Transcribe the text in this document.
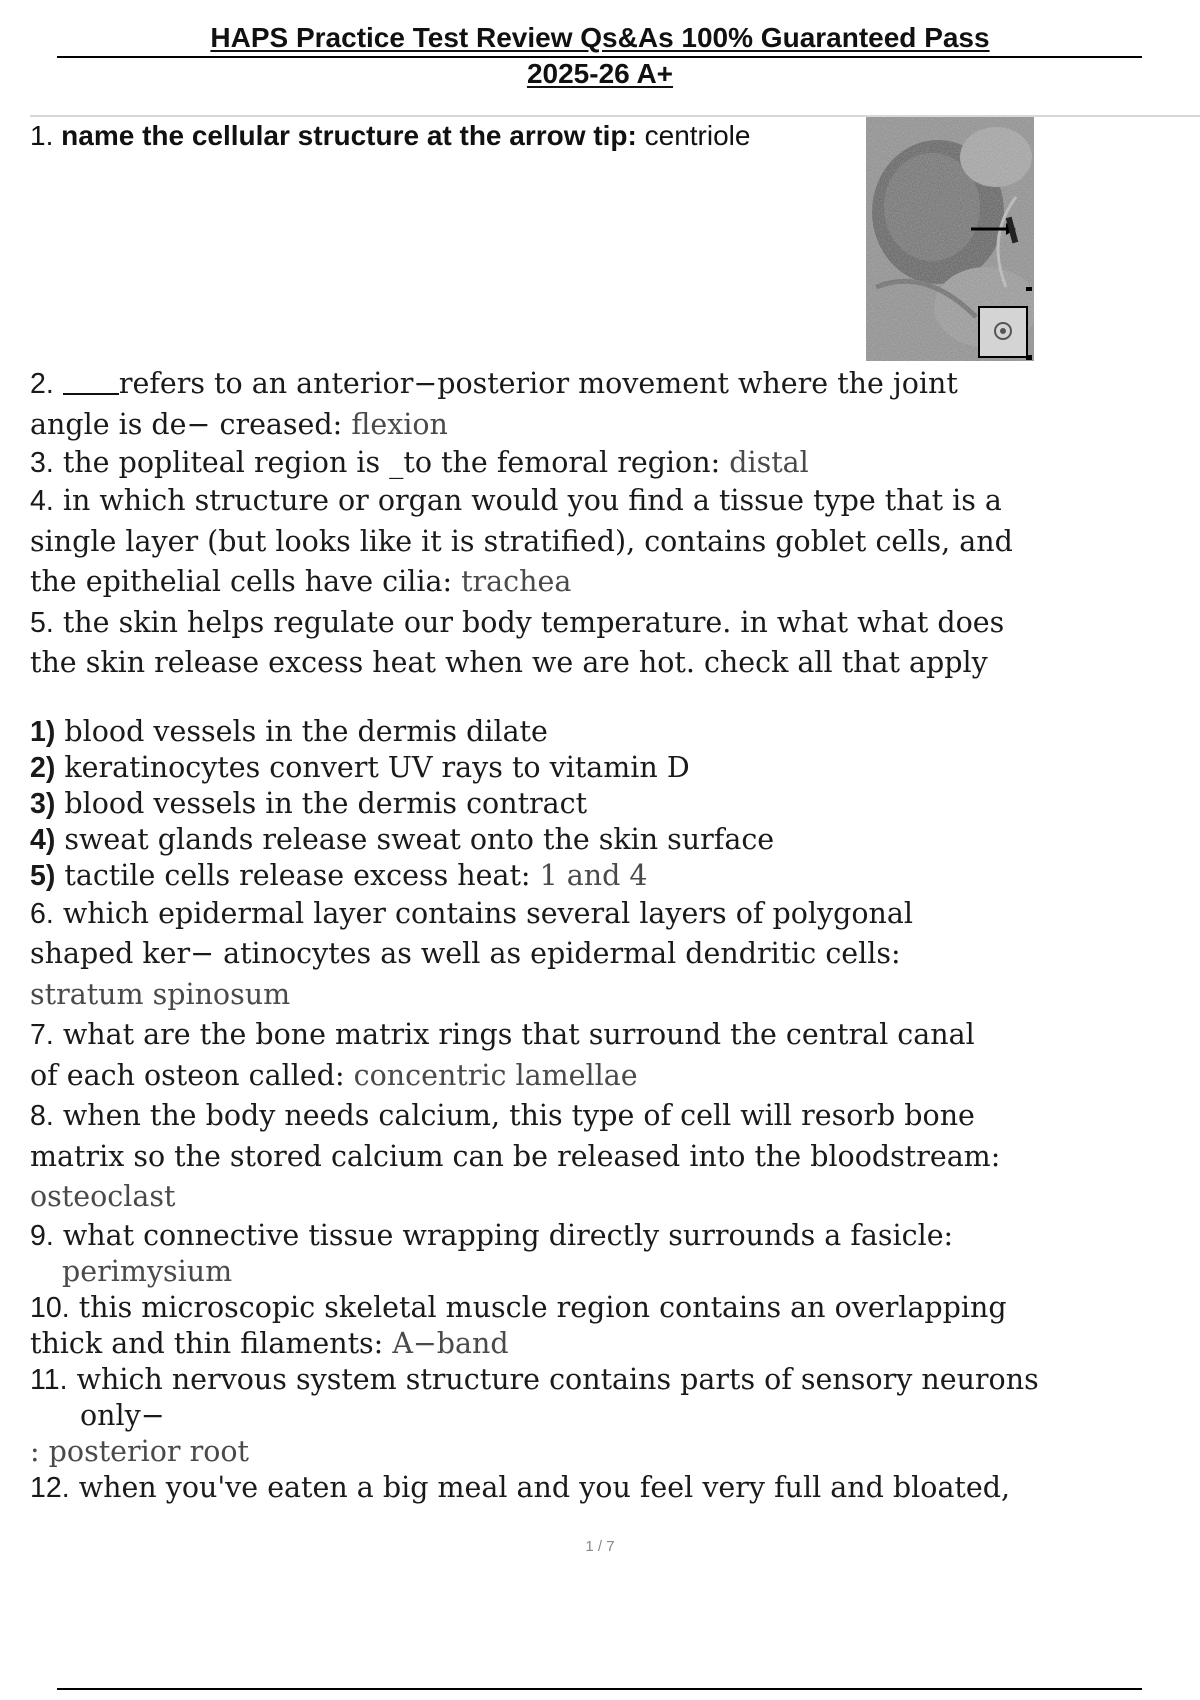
HAPS Practice Test Review Qs&As 100% Guaranteed Pass
2025-26 A+
1. name the cellular structure at the arrow tip: centriole

2. refers to an anterior−posterior movement where the joint
angle is de− creased: flexion

3. the popliteal region is _to the femoral region: distal

4. in which structure or organ would you find a tissue type that is a
single layer (but looks like it is stratified), contains goblet cells, and
the epithelial cells have cilia: trachea

5. the skin helps regulate our body temperature. in what what does
the skin release excess heat when we are hot. check all that apply

1) blood vessels in the dermis dilate
2) keratinocytes convert UV rays to vitamin D
3) blood vessels in the dermis contract
4) sweat glands release sweat onto the skin surface
5) tactile cells release excess heat: 1 and 4

6. which epidermal layer contains several layers of polygonal
shaped ker− atinocytes as well as epidermal dendritic cells:
stratum spinosum

7. what are the bone matrix rings that surround the central canal
of each osteon called: concentric lamellae

8. when the body needs calcium, this type of cell will resorb bone
matrix so the stored calcium can be released into the bloodstream:
osteoclast

9. what connective tissue wrapping directly surrounds a fasicle:
perimysium

10. this microscopic skeletal muscle region contains an overlapping
thick and thin filaments: A−band

11. which nervous system structure contains parts of sensory neurons
only−
: posterior root

12. when you've eaten a big meal and you feel very full and bloated,

1 / 7
